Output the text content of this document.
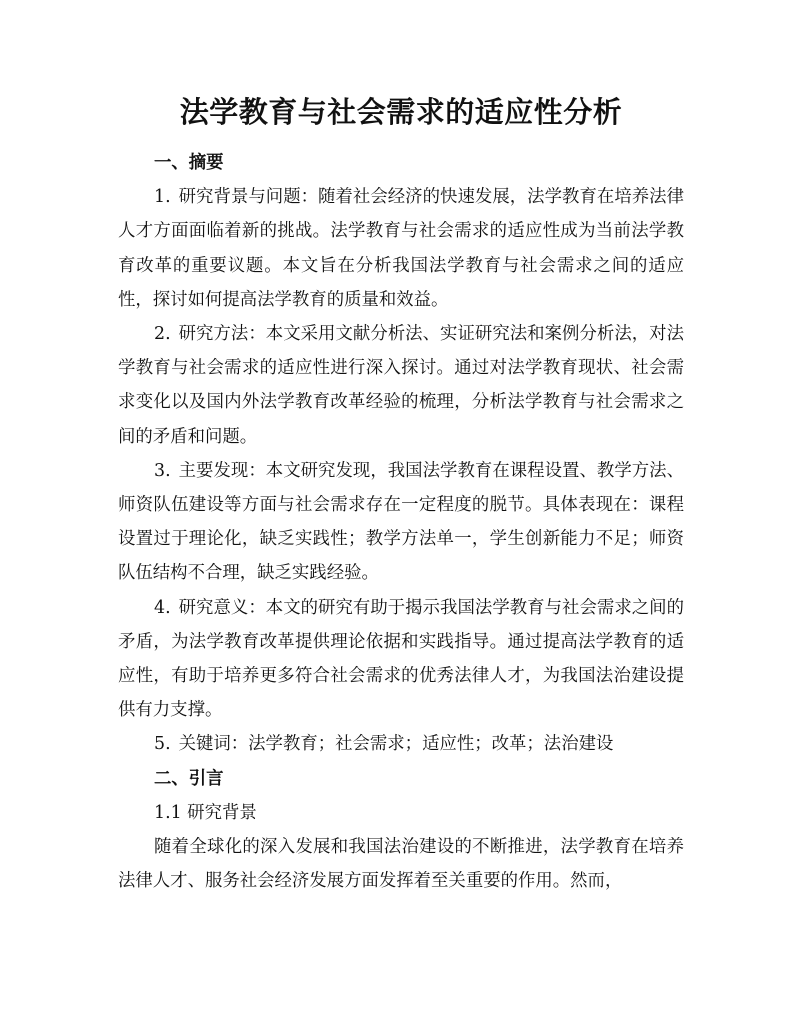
法学教育与社会需求的适应性分析

一、摘要

1. 研究背景与问题：随着社会经济的快速发展，法学教育在培养法律人才方面面临着新的挑战。法学教育与社会需求的适应性成为当前法学教育改革的重要议题。本文旨在分析我国法学教育与社会需求之间的适应性，探讨如何提高法学教育的质量和效益。

2. 研究方法：本文采用文献分析法、实证研究法和案例分析法，对法学教育与社会需求的适应性进行深入探讨。通过对法学教育现状、社会需求变化以及国内外法学教育改革经验的梳理，分析法学教育与社会需求之间的矛盾和问题。

3. 主要发现：本文研究发现，我国法学教育在课程设置、教学方法、师资队伍建设等方面与社会需求存在一定程度的脱节。具体表现在：课程设置过于理论化，缺乏实践性；教学方法单一，学生创新能力不足；师资队伍结构不合理，缺乏实践经验。

4. 研究意义：本文的研究有助于揭示我国法学教育与社会需求之间的矛盾，为法学教育改革提供理论依据和实践指导。通过提高法学教育的适应性，有助于培养更多符合社会需求的优秀法律人才，为我国法治建设提供有力支撑。

5. 关键词：法学教育；社会需求；适应性；改革；法治建设

二、引言

1.1 研究背景

随着全球化的深入发展和我国法治建设的不断推进，法学教育在培养法律人才、服务社会经济发展方面发挥着至关重要的作用。然而，
